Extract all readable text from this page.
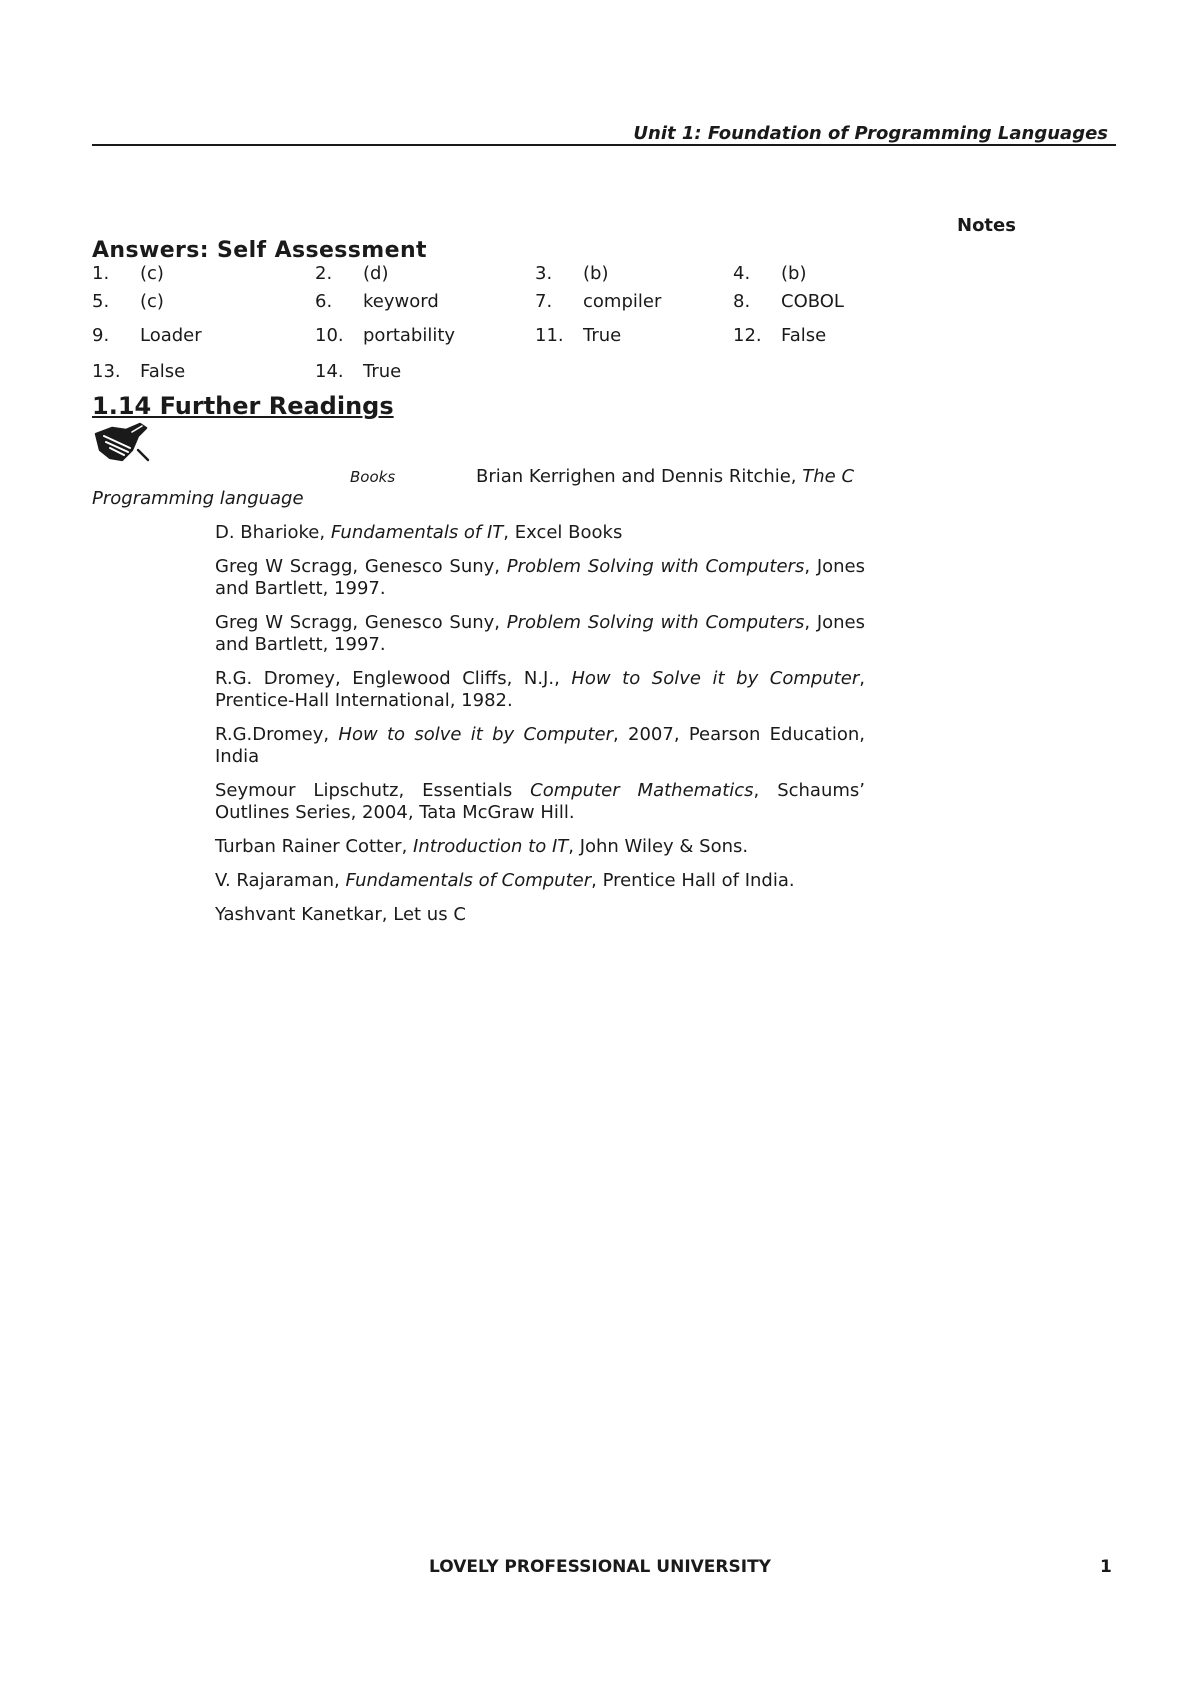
Unit 1: Foundation of Programming Languages
Notes
Answers: Self Assessment
1. (c)	2. (d)	3. (b)	4. (b)
5. (c)	6. keyword	7. compiler	8. COBOL
9. Loader	10. portability	11. True	12. False
13. False	14. True
1.14 Further Readings
Books	Brian Kerrighen and Dennis Ritchie, The C
Programming language

D. Bharioke, Fundamentals of IT, Excel Books

Greg W Scragg, Genesco Suny, Problem Solving with Computers, Jones and Bartlett, 1997.

Greg W Scragg, Genesco Suny, Problem Solving with Computers, Jones and Bartlett, 1997.

R.G. Dromey, Englewood Cliffs, N.J., How to Solve it by Computer, Prentice-Hall International, 1982.

R.G.Dromey, How to solve it by Computer, 2007, Pearson Education, India

Seymour Lipschutz, Essentials Computer Mathematics, Schaums’ Outlines Series, 2004, Tata McGraw Hill.

Turban Rainer Cotter, Introduction to IT, John Wiley & Sons.

V. Rajaraman, Fundamentals of Computer, Prentice Hall of India.

Yashvant Kanetkar, Let us C

LOVELY PROFESSIONAL UNIVERSITY	1
